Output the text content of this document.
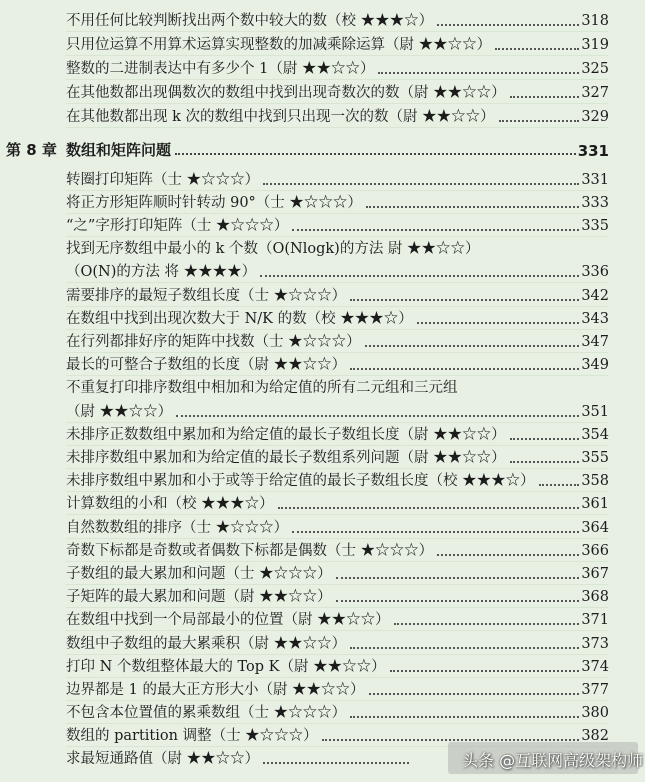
不用任何比较判断找出两个数中较大的数（校 ★★★☆）	318
只用位运算不用算术运算实现整数的加减乘除运算（尉 ★★☆☆）	319
整数的二进制表达中有多少个 1（尉 ★★☆☆）	325
在其他数都出现偶数次的数组中找到出现奇数次的数（尉 ★★☆☆）	327
在其他数都出现 k 次的数组中找到只出现一次的数（尉 ★★☆☆）	329
第 8 章 数组和矩阵问题	331
转圈打印矩阵（士 ★☆☆☆）	331
将正方形矩阵顺时针转动 90°（士 ★☆☆☆）	333
“之”字形打印矩阵（士 ★☆☆☆）	335
找到无序数组中最小的 k 个数（O(Nlogk)的方法 尉 ★★☆☆）
（O(N)的方法 将 ★★★★）	336
需要排序的最短子数组长度（士 ★☆☆☆）	342
在数组中找到出现次数大于 N/K 的数（校 ★★★☆）	343
在行列都排好序的矩阵中找数（士 ★☆☆☆）	347
最长的可整合子数组的长度（尉 ★★☆☆）	349
不重复打印排序数组中相加和为给定值的所有二元组和三元组
（尉 ★★☆☆）	351
未排序正数数组中累加和为给定值的最长子数组长度（尉 ★★☆☆）	354
未排序数组中累加和为给定值的最长子数组系列问题（尉 ★★☆☆）	355
未排序数组中累加和小于或等于给定值的最长子数组长度（校 ★★★☆）	358
计算数组的小和（校 ★★★☆）	361
自然数数组的排序（士 ★☆☆☆）	364
奇数下标都是奇数或者偶数下标都是偶数（士 ★☆☆☆）	366
子数组的最大累加和问题（士 ★☆☆☆）	367
子矩阵的最大累加和问题（尉 ★★☆☆）	368
在数组中找到一个局部最小的位置（尉 ★★☆☆）	371
数组中子数组的最大累乘积（尉 ★★☆☆）	373
打印 N 个数组整体最大的 Top K（尉 ★★☆☆）	374
边界都是 1 的最大正方形大小（尉 ★★☆☆）	377
不包含本位置值的累乘数组（士 ★☆☆☆）	380
数组的 partition 调整（士 ★☆☆☆）	382
求最短通路值（尉 ★★☆☆）	头条 @互联网高级架构师
